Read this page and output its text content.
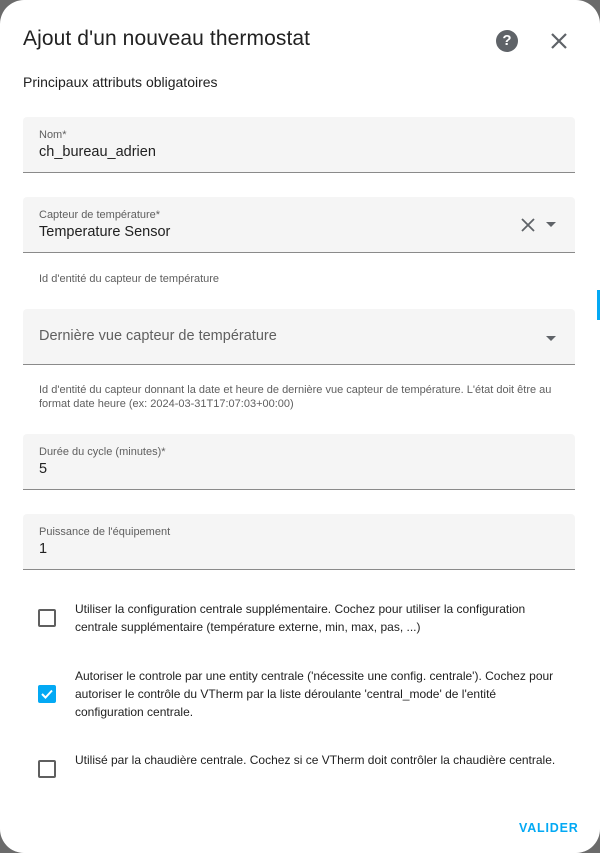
Ajout d'un nouveau thermostat	?
Principaux attributs obligatoires
Nom*
ch_bureau_adrien
Capteur de température*
Temperature Sensor
Id d'entité du capteur de température
Dernière vue capteur de température
Id d'entité du capteur donnant la date et heure de dernière vue capteur de température. L'état doit être au format date heure (ex: 2024-03-31T17:07:03+00:00)
Durée du cycle (minutes)*
5
Puissance de l'équipement
1
Utiliser la configuration centrale supplémentaire. Cochez pour utiliser la configuration centrale supplémentaire (température externe, min, max, pas, ...)
Autoriser le controle par une entity centrale ('nécessite une config. centrale'). Cochez pour autoriser le contrôle du VTherm par la liste déroulante 'central_mode' de l'entité configuration centrale.
Utilisé par la chaudière centrale. Cochez si ce VTherm doit contrôler la chaudière centrale.
VALIDER
